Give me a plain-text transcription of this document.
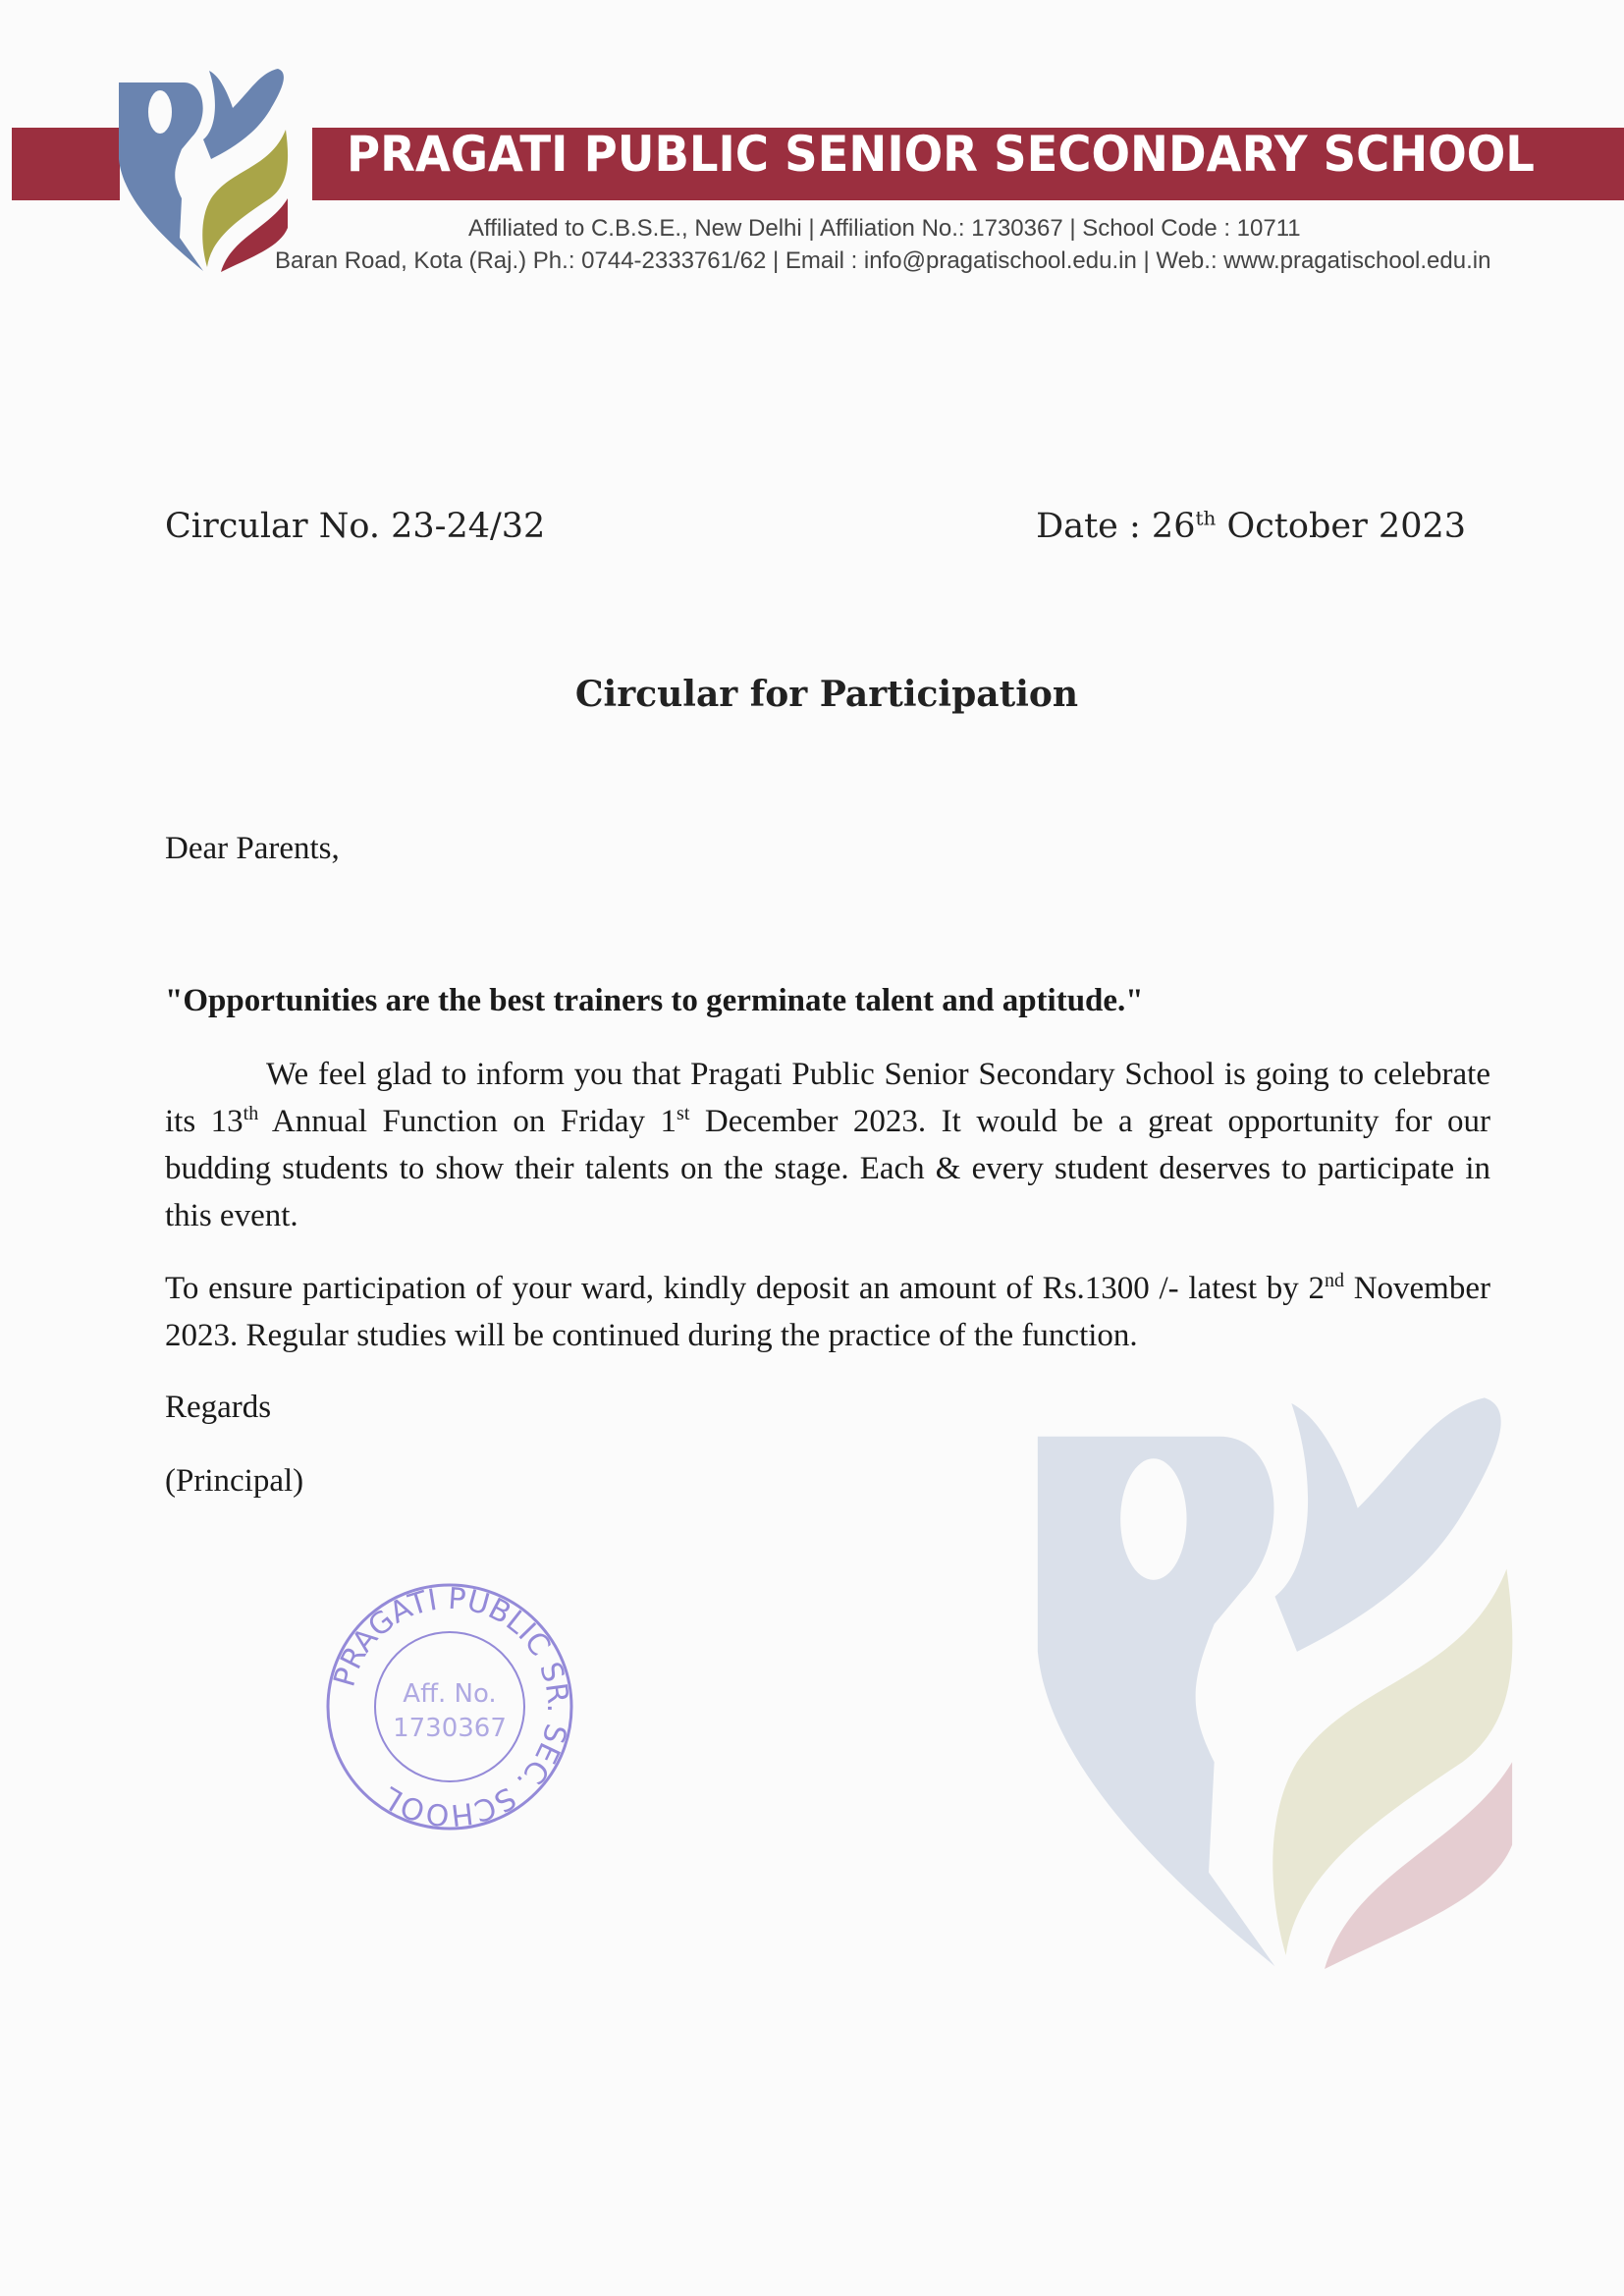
PRAGATI PUBLIC SENIOR SECONDARY SCHOOL
Affiliated to C.B.S.E., New Delhi | Affiliation No.: 1730367 | School Code : 10711
Baran Road, Kota (Raj.) Ph.: 0744-2333761/62 | Email : info@pragatischool.edu.in | Web.: www.pragatischool.edu.in
Circular No. 23-24/32	Date : 26th October 2023
Circular for Participation
Dear Parents,
"Opportunities are the best trainers to germinate talent and aptitude."
We feel glad to inform you that Pragati Public Senior Secondary School is going to celebrate its 13th Annual Function on Friday 1st December 2023. It would be a great opportunity for our budding students to show their talents on the stage. Each & every student deserves to participate in this event.
To ensure participation of your ward, kindly deposit an amount of Rs.1300 /- latest by 2nd November 2023. Regular studies will be continued during the practice of the function.
Regards
(Principal)
PRAGATI PUBLIC SR. SEC. SCHOOL
Aff. No.
1730367
